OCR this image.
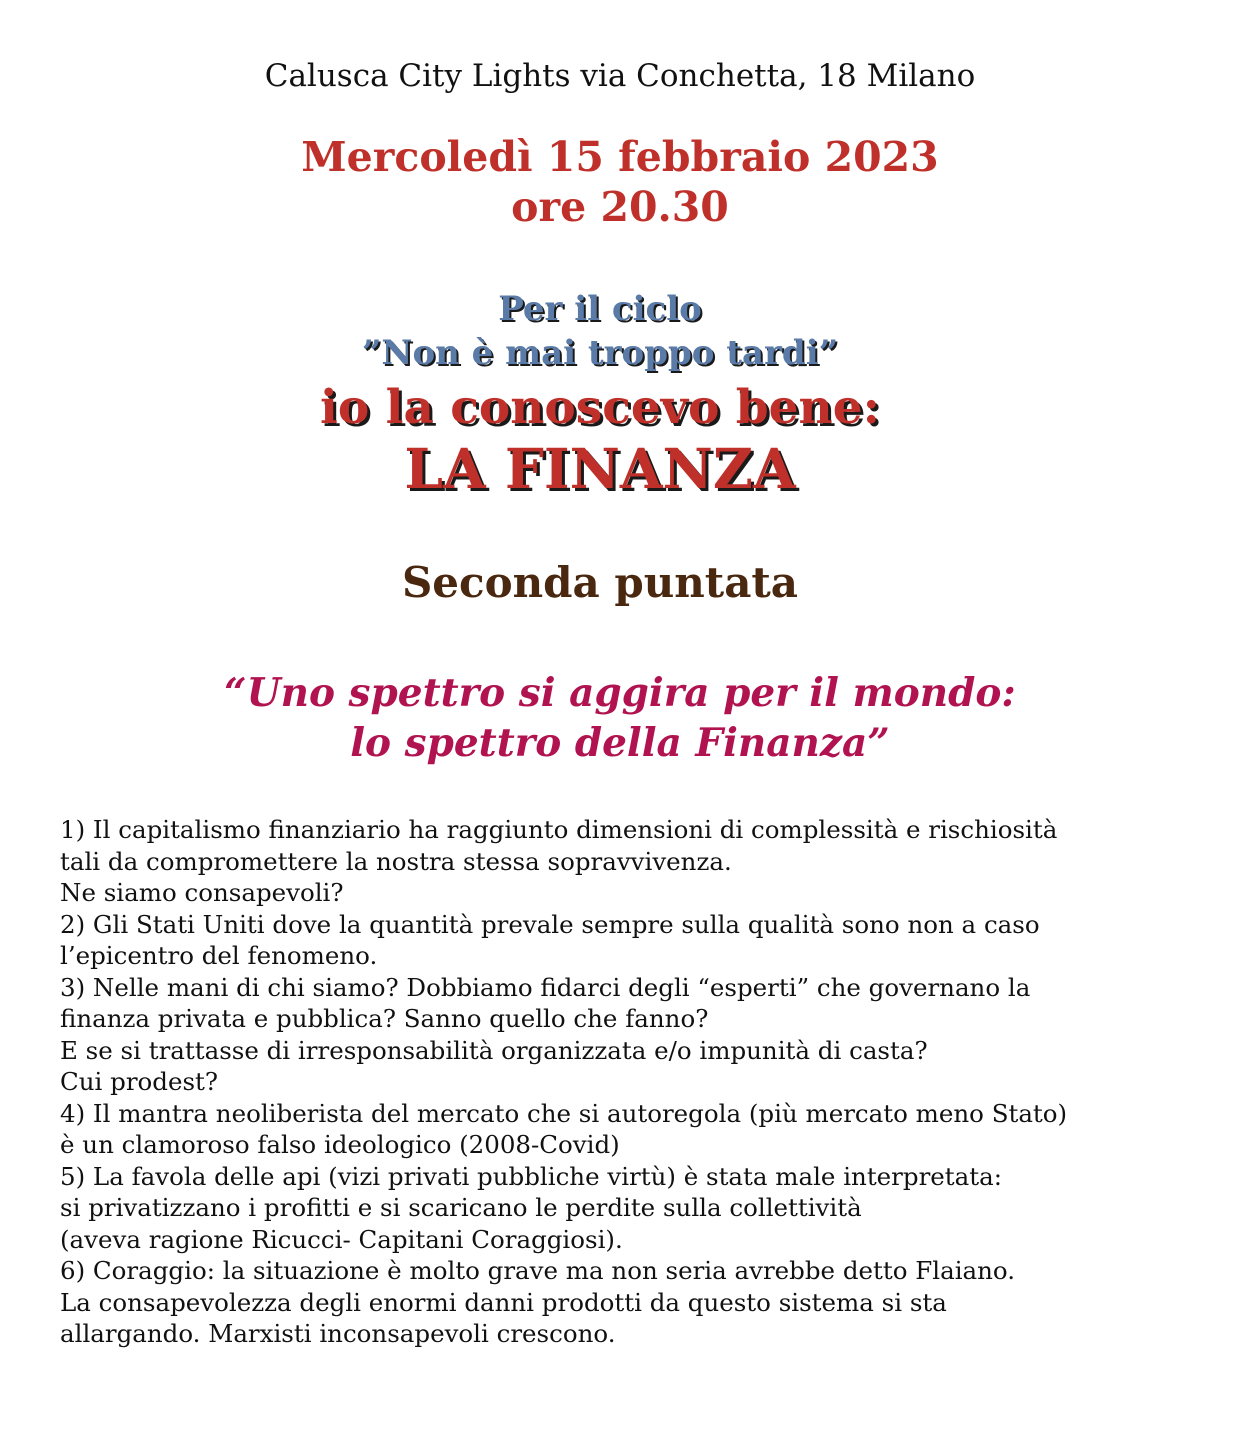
Calusca City Lights via Conchetta, 18 Milano
Mercoledì 15 febbraio 2023
ore 20.30
Per il ciclo
”Non è mai troppo tardi”
io la conoscevo bene:
LA FINANZA
Seconda puntata
“Uno spettro si aggira per il mondo:
lo spettro della Finanza”
1) Il capitalismo finanziario ha raggiunto dimensioni di complessità e rischiosità
tali da compromettere la nostra stessa sopravvivenza.
Ne siamo consapevoli?
2) Gli Stati Uniti dove la quantità prevale sempre sulla qualità sono non a caso
l’epicentro del fenomeno.
3) Nelle mani di chi siamo? Dobbiamo fidarci degli “esperti” che governano la
finanza privata e pubblica? Sanno quello che fanno?
E se si trattasse di irresponsabilità organizzata e/o impunità di casta?
Cui prodest?
4) Il mantra neoliberista del mercato che si autoregola (più mercato meno Stato)
è un clamoroso falso ideologico (2008-Covid)
5) La favola delle api (vizi privati pubbliche virtù) è stata male interpretata:
si privatizzano i profitti e si scaricano le perdite sulla collettività
(aveva ragione Ricucci- Capitani Coraggiosi).
6) Coraggio: la situazione è molto grave ma non seria avrebbe detto Flaiano.
La consapevolezza degli enormi danni prodotti da questo sistema si sta
allargando. Marxisti inconsapevoli crescono.
